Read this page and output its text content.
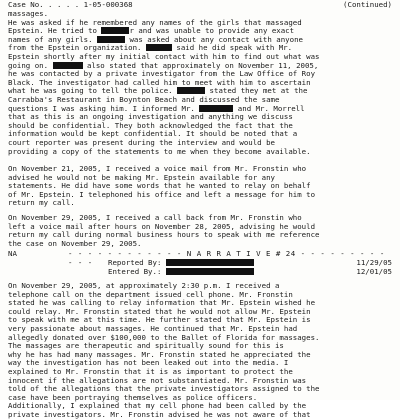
Case No. . . . . 1-05-000368	(Continued)
massages.
He was asked if he remembered any names of the girls that massaged
Epstein. He tried to	r and was unable to provide any exact
names of any girls.	was asked about any contact with anyone
from the Epstein organization.	said he did speak with Mr.
Epstein shortly after my initial contact with him to find out what was
going on.	also stated that approximately on November 11, 2005,
he was contacted by a private investigator from the Law Office of Roy
Black. The investigator had called him to meet with him to ascertain
what he was going to tell the police.	stated they met at the
Carrabba's Restaurant in Boynton Beach and discussed the same
questions I was asking him. I informed Mr.	and Mr. Morrell
that as this is an ongoing investigation and anything we discuss
should be confidential. They both acknowledged the fact that the
information would be kept confidential. It should be noted that a
court reporter was present during the interview and would be
providing a copy of the statements to me when they become available.
On November 21, 2005, I received a voice mail from Mr. Fronstin who
advised he would not be making Mr. Epstein available for any
statements. He did have some words that he wanted to relay on behalf
of Mr. Epstein. I telephoned his office and left a message for him to
return my call.
On November 29, 2005, I received a call back from Mr. Fronstin who
left a voice mail after hours on November 28, 2005, advising he would
return my call during normal business hours to speak with me reference
the case on November 29, 2005.
NA	- - - - - - - - - - - - N A R R A T I V E # 24 - - - - - - - - - - - -	Reported By:	11/29/05
Entered By.:	12/01/05
On November 29, 2005, at approximately 2:30 p.m. I received a
telephone call on the department issued cell phone. Mr. Fronstin
stated he was calling to relay information that Mr. Epstein wished he
could relay. Mr. Fronstin stated that he would not allow Mr. Epstein
to speak with me at this time. He further stated that Mr. Epstein is
very passionate about massages. He continued that Mr. Epstein had
allegedly donated over $100,000 to the Ballet of Florida for massages.
The massages are therapeutic and spiritually sound for this is
why he has had many massages. Mr. Fronstin stated he appreciated the
way the investigation has not been leaked out into the media. I
explained to Mr. Fronstin that it is as important to protect the
innocent if the allegations are not substantiated. Mr. Fronstin was
told of the allegations that the private investigators assigned to the
case have been portraying themselves as police officers.
Additionally, I explained that my cell phone had been called by the
private investigators. Mr. Fronstin advised he was not aware of that
